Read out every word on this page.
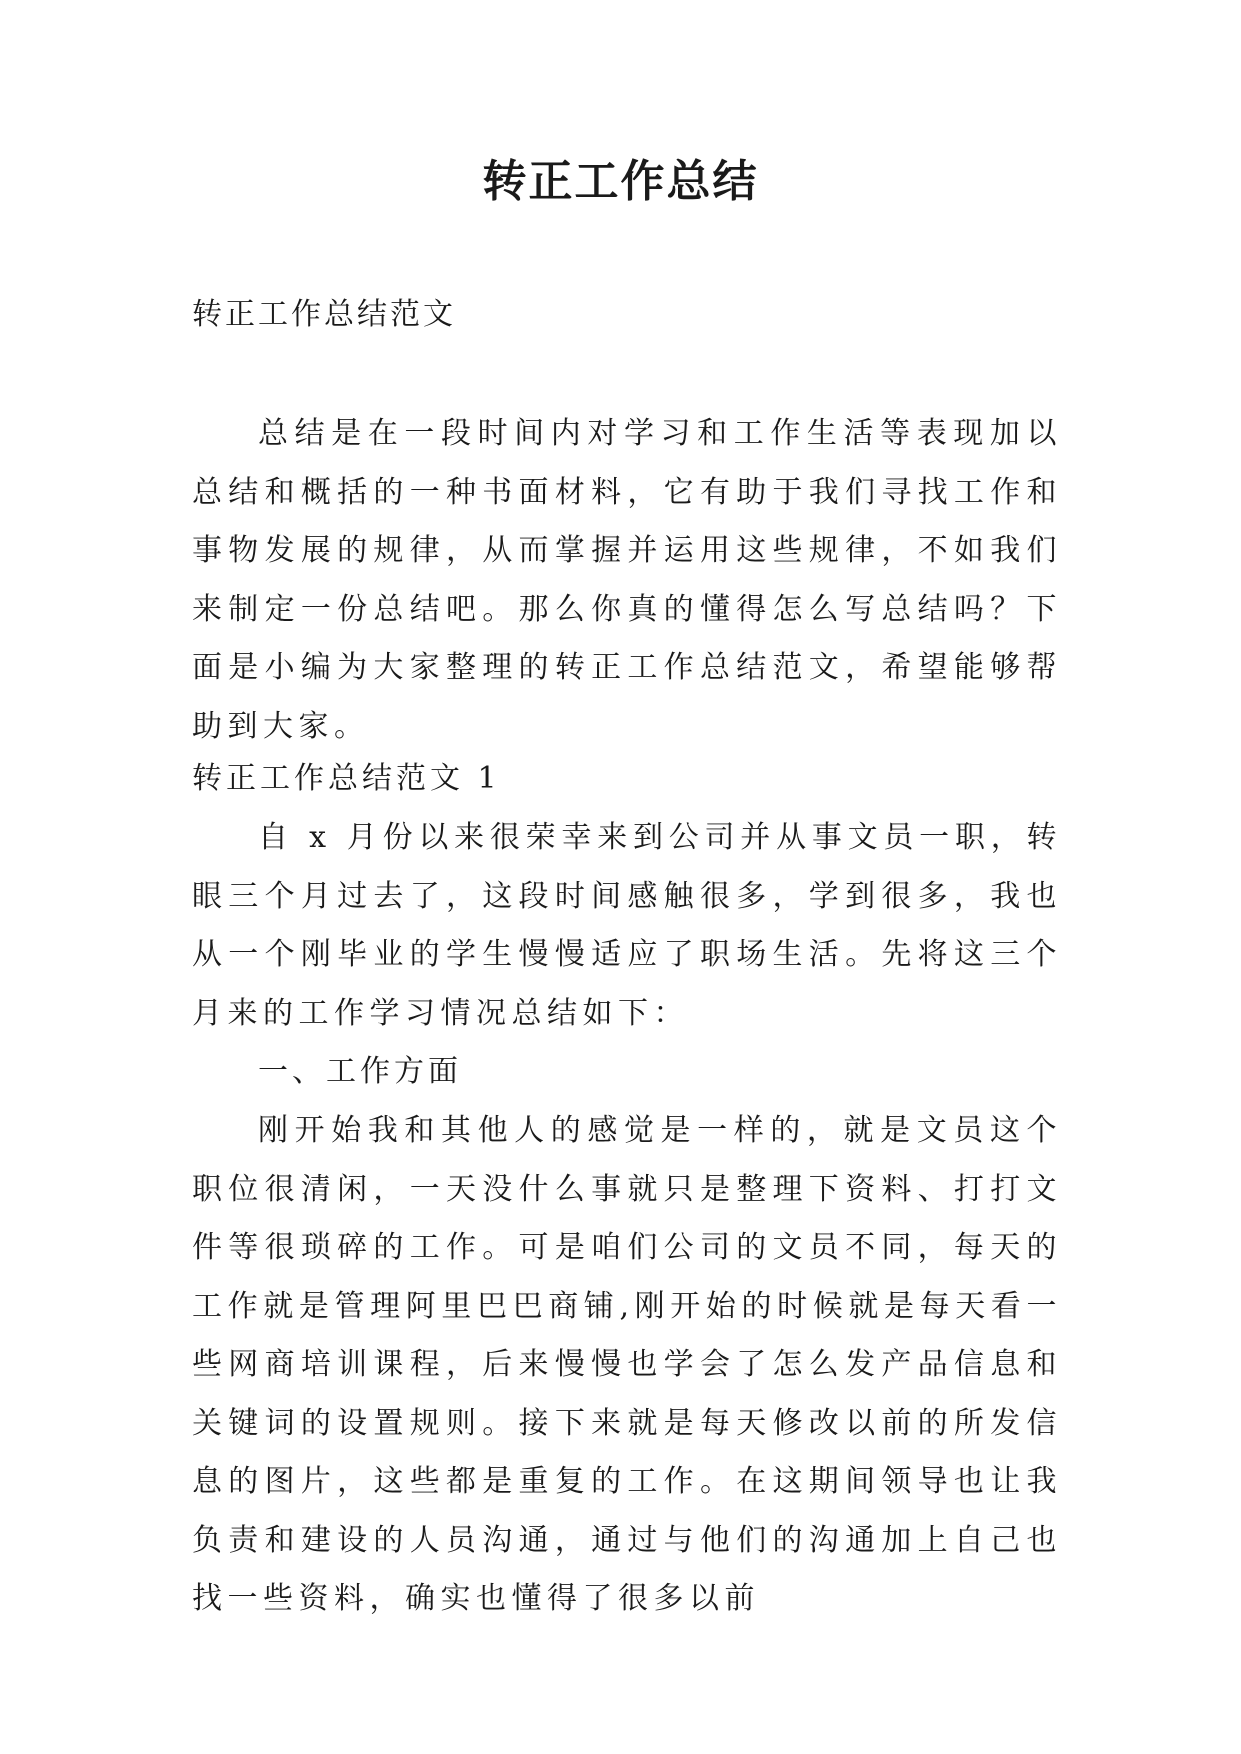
转正工作总结

转正工作总结范文

总结是在一段时间内对学习和工作生活等表现加以总结和概括的一种书面材料，它有助于我们寻找工作和事物发展的规律，从而掌握并运用这些规律，不如我们来制定一份总结吧。那么你真的懂得怎么写总结吗？下面是小编为大家整理的转正工作总结范文，希望能够帮助到大家。

转正工作总结范文 1

自 x 月份以来很荣幸来到公司并从事文员一职，转眼三个月过去了，这段时间感触很多，学到很多，我也从一个刚毕业的学生慢慢适应了职场生活。先将这三个月来的工作学习情况总结如下：

一、工作方面

刚开始我和其他人的感觉是一样的，就是文员这个职位很清闲，一天没什么事就只是整理下资料、打打文件等很琐碎的工作。可是咱们公司的文员不同，每天的工作就是管理阿里巴巴商铺,刚开始的时候就是每天看一些网商培训课程，后来慢慢也学会了怎么发产品信息和关键词的设置规则。接下来就是每天修改以前的所发信息的图片，这些都是重复的工作。在这期间领导也让我负责和建设的人员沟通，通过与他们的沟通加上自己也找一些资料，确实也懂得了很多以前
